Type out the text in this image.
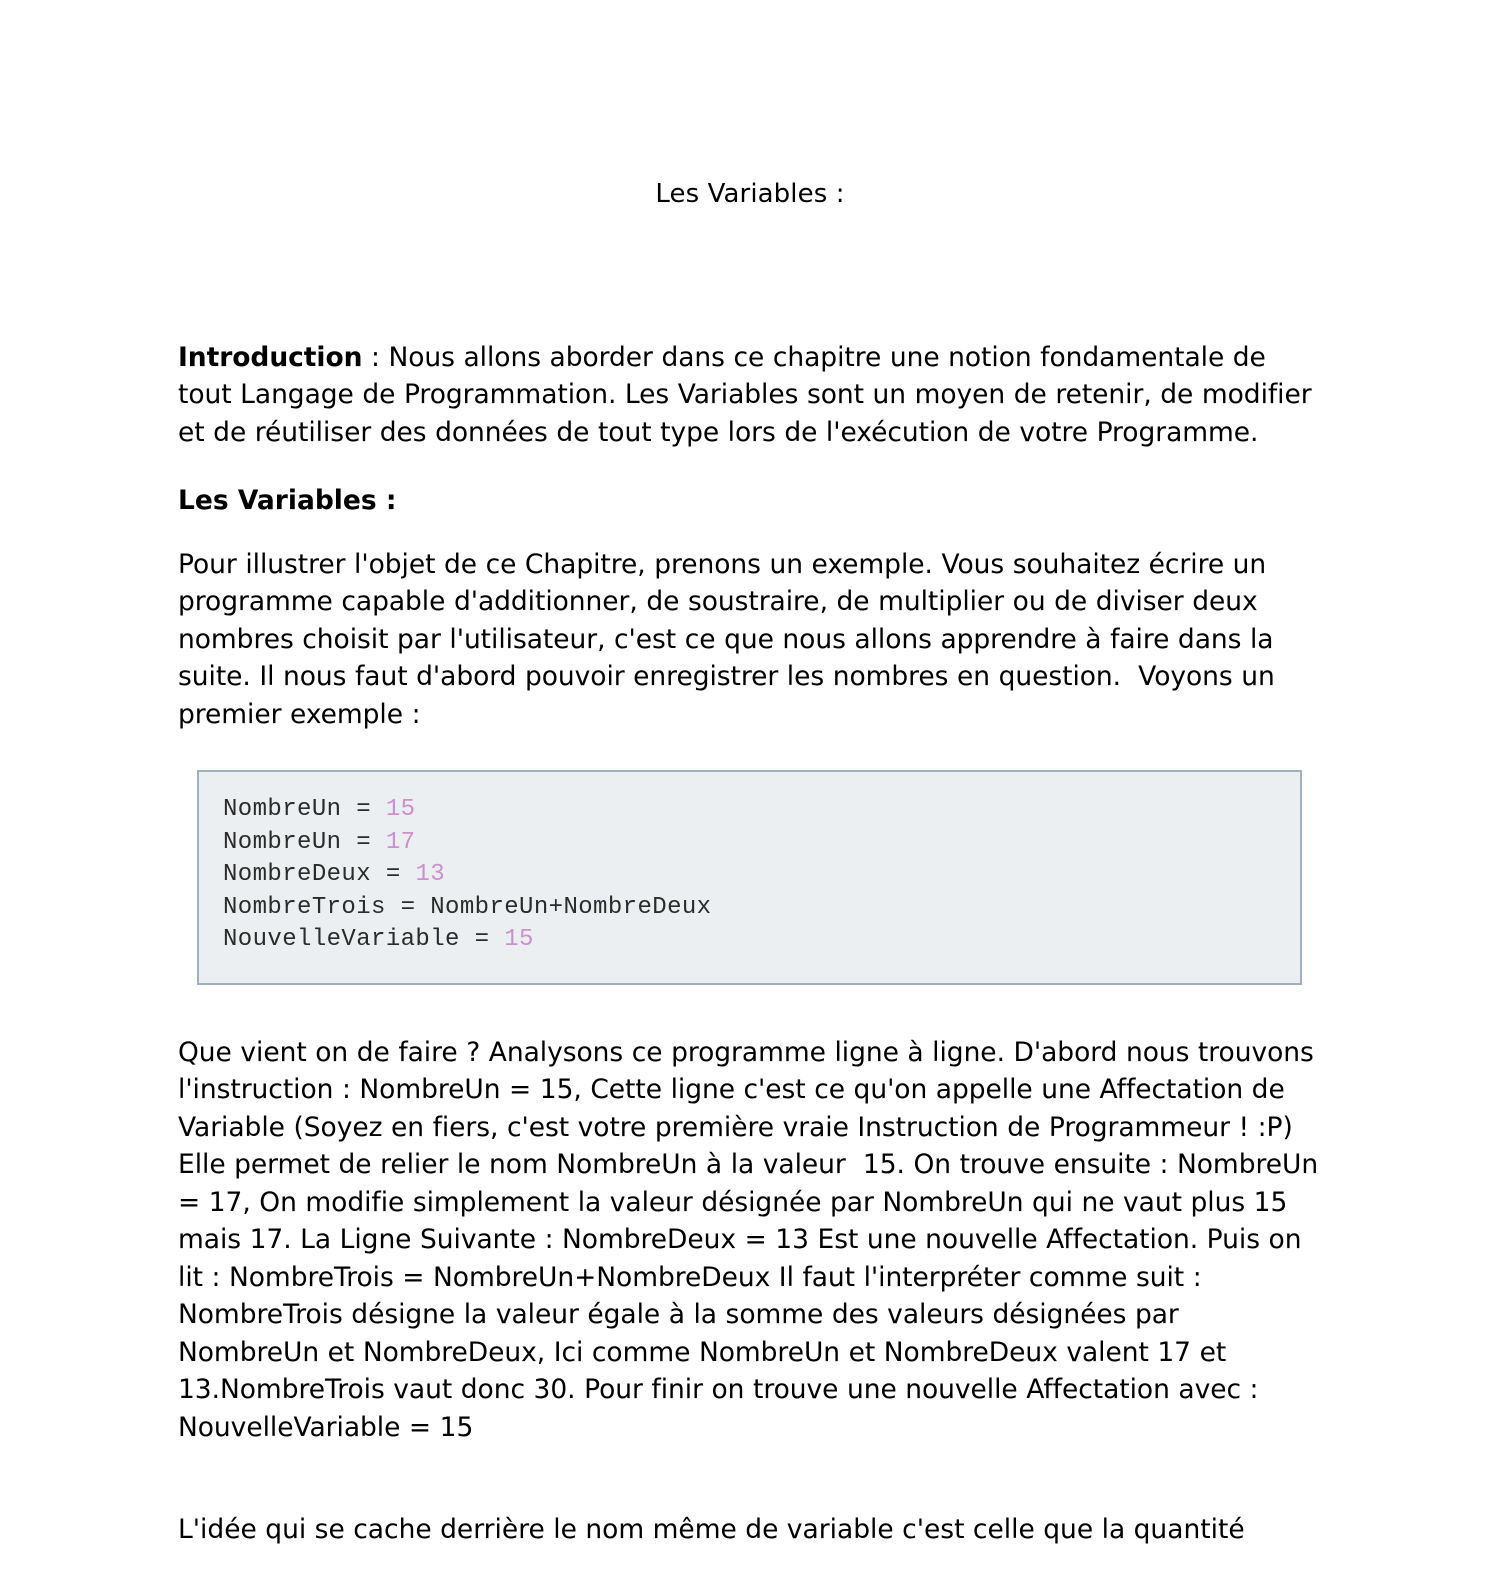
Les Variables :

Introduction : Nous allons aborder dans ce chapitre une notion fondamentale de tout Langage de Programmation. Les Variables sont un moyen de retenir, de modifier et de réutiliser des données de tout type lors de l'exécution de votre Programme.

Les Variables :

Pour illustrer l'objet de ce Chapitre, prenons un exemple. Vous souhaitez écrire un programme capable d'additionner, de soustraire, de multiplier ou de diviser deux nombres choisit par l'utilisateur, c'est ce que nous allons apprendre à faire dans la suite. Il nous faut d'abord pouvoir enregistrer les nombres en question.  Voyons un premier exemple :

NombreUn = 15
NombreUn = 17
NombreDeux = 13
NombreTrois = NombreUn+NombreDeux
NouvelleVariable = 15

Que vient on de faire ? Analysons ce programme ligne à ligne. D'abord nous trouvons l'instruction : NombreUn = 15, Cette ligne c'est ce qu'on appelle une Affectation de Variable (Soyez en fiers, c'est votre première vraie Instruction de Programmeur ! :P) Elle permet de relier le nom NombreUn à la valeur  15. On trouve ensuite : NombreUn = 17, On modifie simplement la valeur désignée par NombreUn qui ne vaut plus 15 mais 17. La Ligne Suivante : NombreDeux = 13 Est une nouvelle Affectation. Puis on lit : NombreTrois = NombreUn+NombreDeux Il faut l'interpréter comme suit : NombreTrois désigne la valeur égale à la somme des valeurs désignées par NombreUn et NombreDeux, Ici comme NombreUn et NombreDeux valent 17 et 13.NombreTrois vaut donc 30. Pour finir on trouve une nouvelle Affectation avec : NouvelleVariable = 15

L'idée qui se cache derrière le nom même de variable c'est celle que la quantité
